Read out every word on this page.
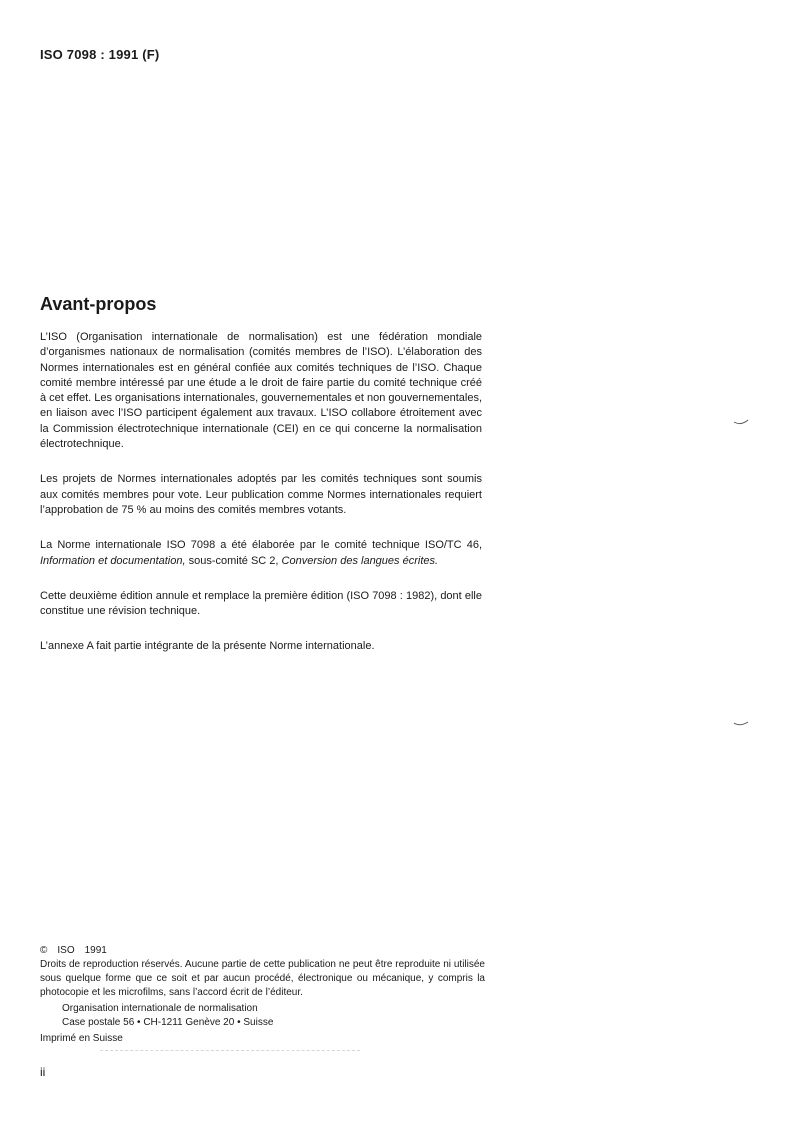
ISO 7098 : 1991 (F)
Avant-propos

L’ISO (Organisation internationale de normalisation) est une fédération mondiale d’organismes nationaux de normalisation (comités membres de l’ISO). L’élaboration des Normes internationales est en général confiée aux comités techniques de l’ISO. Chaque comité membre intéressé par une étude a le droit de faire partie du comité technique créé à cet effet. Les organisations internationales, gouvernementales et non gouvernementales, en liaison avec l’ISO participent également aux travaux. L’ISO collabore étroitement avec la Commission électrotechnique internationale (CEI) en ce qui concerne la normalisation électrotechnique.

Les projets de Normes internationales adoptés par les comités techniques sont soumis aux comités membres pour vote. Leur publication comme Normes internationales requiert l’approbation de 75 % au moins des comités membres votants.

La Norme internationale ISO 7098 a été élaborée par le comité technique ISO/TC 46, Information et documentation, sous-comité SC 2, Conversion des langues écrites.

Cette deuxième édition annule et remplace la première édition (ISO 7098 : 1982), dont elle constitue une révision technique.

L’annexe A fait partie intégrante de la présente Norme internationale.

© ISO 1991
Droits de reproduction réservés. Aucune partie de cette publication ne peut être reproduite ni utilisée sous quelque forme que ce soit et par aucun procédé, électronique ou mécanique, y compris la photocopie et les microfilms, sans l’accord écrit de l’éditeur.
Organisation internationale de normalisation
Case postale 56 • CH-1211 Genève 20 • Suisse
Imprimé en Suisse
ii
